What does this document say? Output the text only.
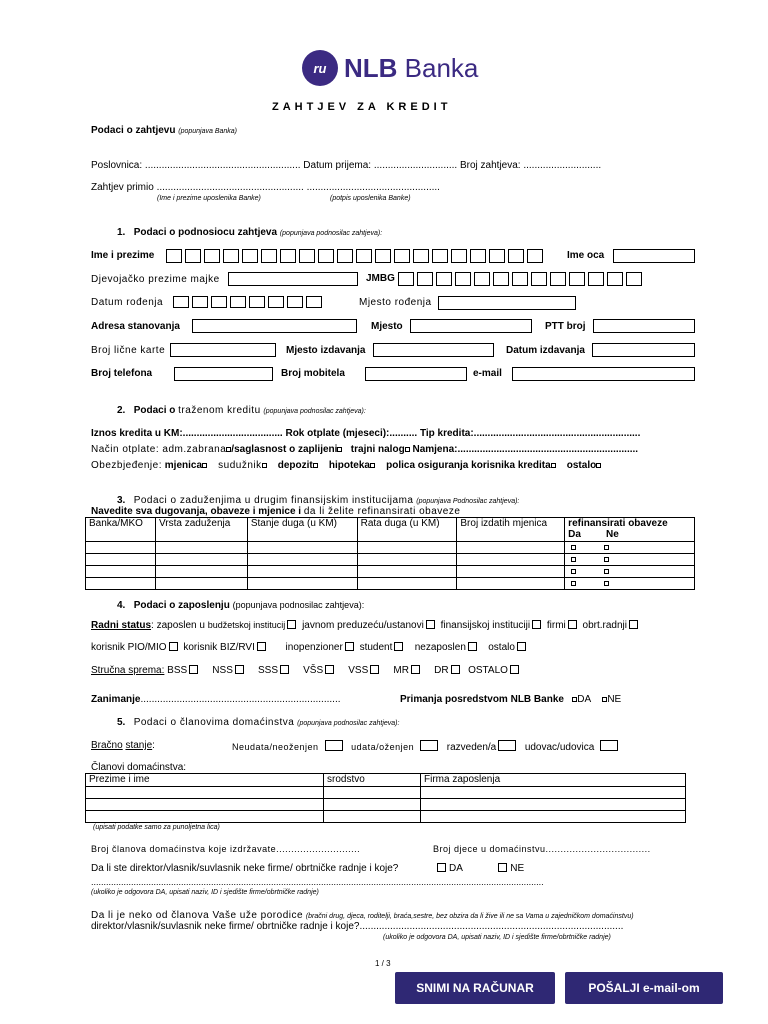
ru NLB Banka
ZAHTJEV ZA KREDIT
Podaci o zahtjevu (popunjava Banka)
Poslovnica: ........................................................ Datum prijema: .............................. Broj zahtjeva: ............................
Zahtjev primio ..................................................... ................................................
(Ime i prezime uposlenika Banke)	(potpis uposlenika Banke)
1. Podaci o podnosiocu zahtjeva (popunjava podnosilac zahtjeva):
Ime i prezime	Ime oca
Djevojačko prezime majke	JMBG
Datum rođenja	Mjesto rođenja
Adresa stanovanja	Mjesto	PTT broj
Broj lične karte	Mjesto izdavanja	Datum izdavanja
Broj telefona	Broj mobitela	e-mail
2. Podaci o traženom kreditu (popunjava podnosilac zahtjeva):
Iznos kredita u KM:.................................... Rok otplate (mjeseci):.......... Tip kredita:............................................................
Način otplate: adm.zabrana /saglasnost o zaplijeni trajni nalog Namjena:.................................................................
Obezbjeđenje: mjenica sudužnik depozit hipoteka polica osiguranja korisnika kredita ostalo
3. Podaci o zaduženjima u drugim finansijskim institucijama (popunjava Podnosilac zahtjeva):
Navedite sva dugovanja, obaveze i mjenice i da li želite refinansirati obaveze
Banka/MKO	Vrsta zaduženja	Stanje duga (u KM)	Rata duga (u KM)	Broj izdatih mjenica	refinansirati obaveze
Da Ne

4. Podaci o zaposlenju (popunjava podnosilac zahtjeva):
Radni status: zaposlen u budžetskoj institucij javnom preduzeću/ustanovi finansijskoj instituciji firmi obrt.radnji
korisnik PIO/MIO korisnik BIZ/RVI	inopenzioner student nezaposlen ostalo
Stručna sprema: BSS	NSS	SSS	VŠS	VSS	MR	DR OSTALO
Zanimanje........................................................................	Primanja posredstvom NLB Banke DA NE
5. Podaci o članovima domaćinstva (popunjava podnosilac zahtjeva):
Bračno stanje:	Neudata/neoženjen	udata/oženjen	razveden/a	udovac/udovica
Članovi domaćinstva:
Prezime i ime	srodstvo	Firma zaposlenja

(upisati podatke samo za punoljetna lica)
Broj članova domaćinstva koje izdržavate............................	Broj djece u domaćinstvu...................................
Da li ste direktor/vlasnik/suvlasnik neke firme/ obrtničke radnje i koje?	DA	NE
.....................................................................................................................................................................................
(ukoliko je odgovora DA, upisati naziv, ID i sjedište firme/obrtničke radnje)
Da li je neko od članova Vaše uže porodice (bračni drug, djeca, roditelji, braća,sestre, bez obzira da li žive ili ne sa Vama u zajedničkom domaćinstvu)
direktor/vlasnik/suvlasnik neke firme/ obrtničke radnje i koje?...............................................................................................
(ukoliko je odgovora DA, upisati naziv, ID i sjedište firme/obrtničke radnje)
1 / 3
SNIMI NA RAČUNAR	POŠALJI e-mail-om
